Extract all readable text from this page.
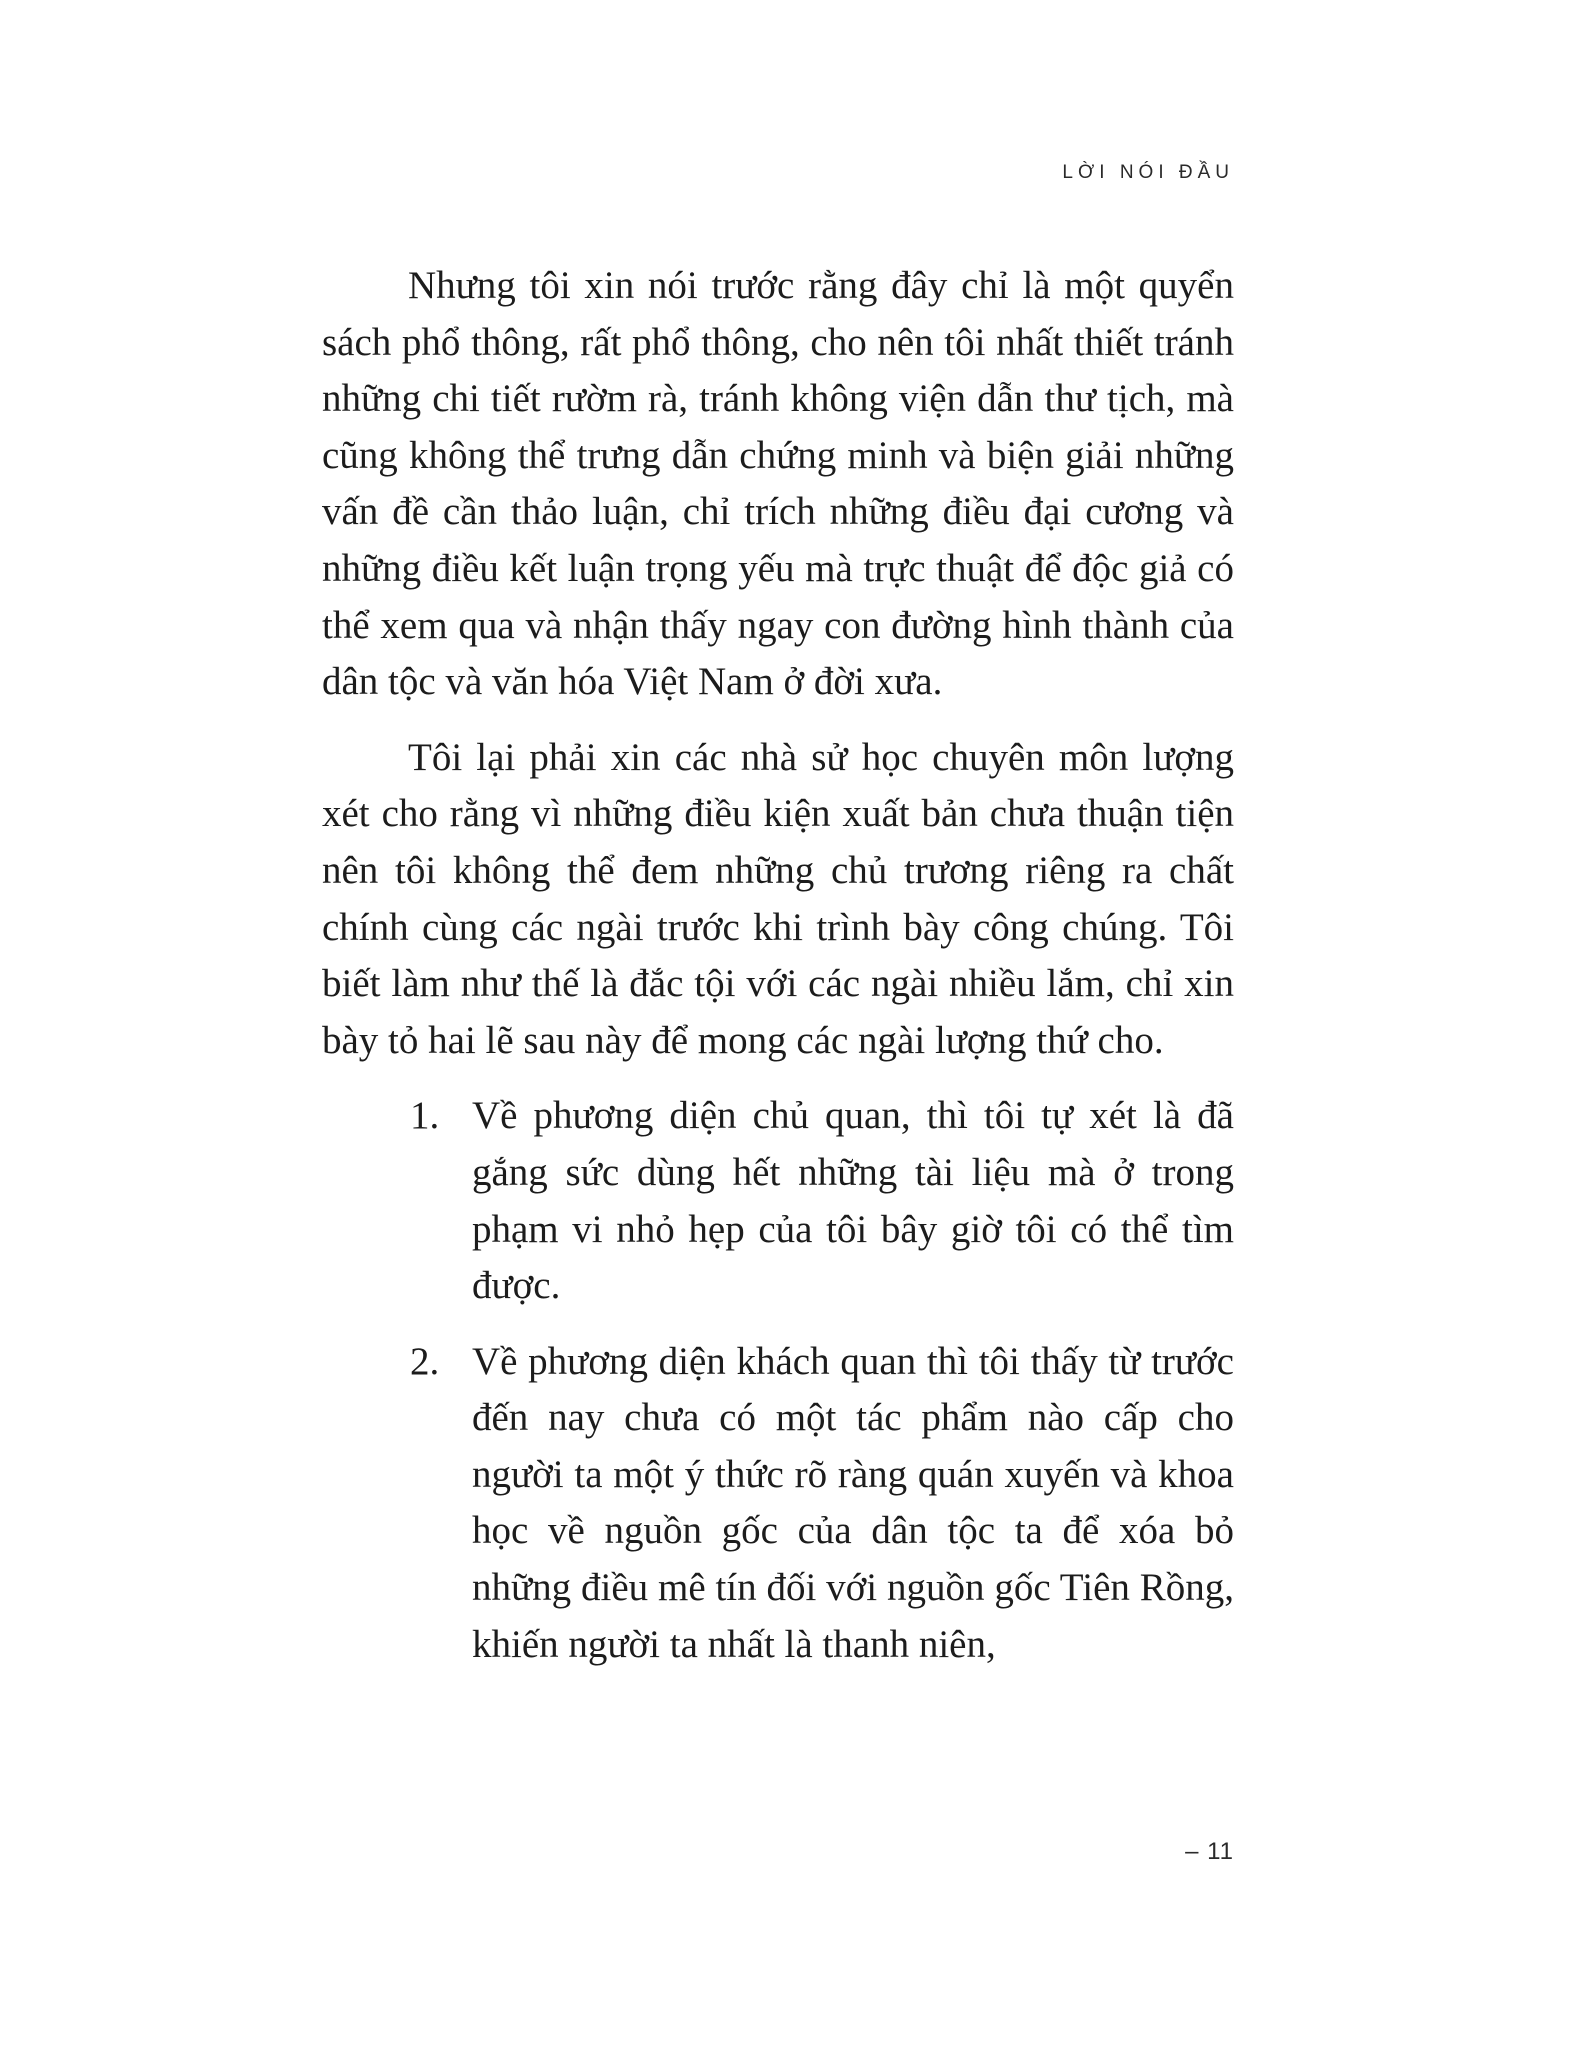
LỜI NÓI ĐẦU

Nhưng tôi xin nói trước rằng đây chỉ là một quyển sách phổ thông, rất phổ thông, cho nên tôi nhất thiết tránh những chi tiết rườm rà, tránh không viện dẫn thư tịch, mà cũng không thể trưng dẫn chứng minh và biện giải những vấn đề cần thảo luận, chỉ trích những điều đại cương và những điều kết luận trọng yếu mà trực thuật để độc giả có thể xem qua và nhận thấy ngay con đường hình thành của dân tộc và văn hóa Việt Nam ở đời xưa.

Tôi lại phải xin các nhà sử học chuyên môn lượng xét cho rằng vì những điều kiện xuất bản chưa thuận tiện nên tôi không thể đem những chủ trương riêng ra chất chính cùng các ngài trước khi trình bày công chúng. Tôi biết làm như thế là đắc tội với các ngài nhiều lắm, chỉ xin bày tỏ hai lẽ sau này để mong các ngài lượng thứ cho.

1. Về phương diện chủ quan, thì tôi tự xét là đã gắng sức dùng hết những tài liệu mà ở trong phạm vi nhỏ hẹp của tôi bây giờ tôi có thể tìm được.
2. Về phương diện khách quan thì tôi thấy từ trước đến nay chưa có một tác phẩm nào cấp cho người ta một ý thức rõ ràng quán xuyến và khoa học về nguồn gốc của dân tộc ta để xóa bỏ những điều mê tín đối với nguồn gốc Tiên Rồng, khiến người ta nhất là thanh niên,
– 11
